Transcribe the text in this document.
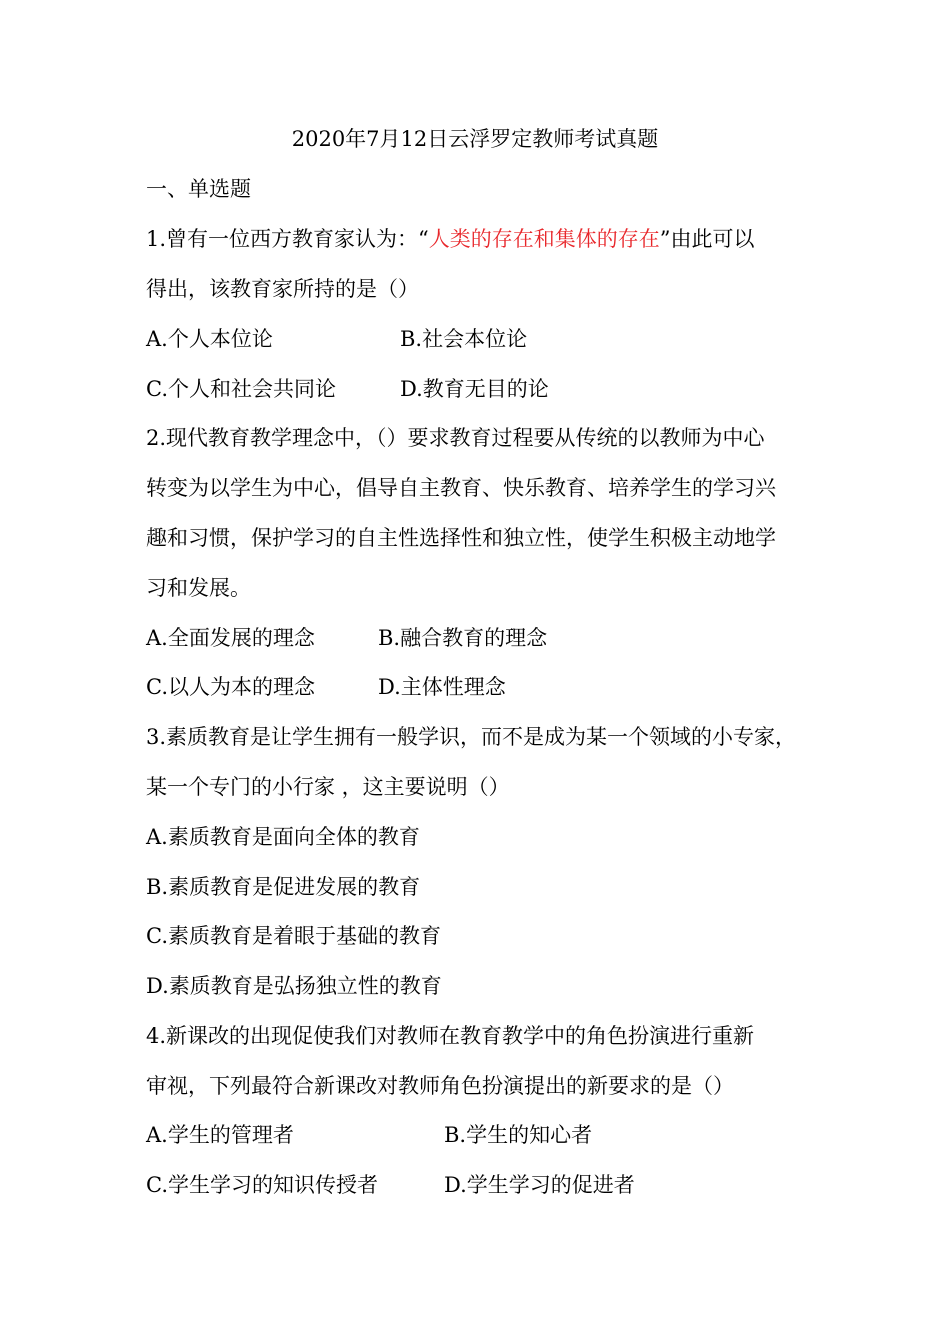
2020年7月12日云浮罗定教师考试真题
一、单选题
1.曾有一位西方教育家认为：“人类的存在和集体的存在”由此可以
得出，该教育家所持的是（）
A.个人本位论	B.社会本位论
C.个人和社会共同论	D.教育无目的论
2.现代教育教学理念中，（）要求教育过程要从传统的以教师为中心
转变为以学生为中心，倡导自主教育、快乐教育、培养学生的学习兴
趣和习惯，保护学习的自主性选择性和独立性，使学生积极主动地学
习和发展。
A.全面发展的理念	B.融合教育的理念
C.以人为本的理念	D.主体性理念
3.素质教育是让学生拥有一般学识，而不是成为某一个领域的小专家，
某一个专门的小行家 ，这主要说明（）
A.素质教育是面向全体的教育
B.素质教育是促进发展的教育
C.素质教育是着眼于基础的教育
D.素质教育是弘扬独立性的教育
4.新课改的出现促使我们对教师在教育教学中的角色扮演进行重新
审视，下列最符合新课改对教师角色扮演提出的新要求的是（）
A.学生的管理者	B.学生的知心者
C.学生学习的知识传授者	D.学生学习的促进者
